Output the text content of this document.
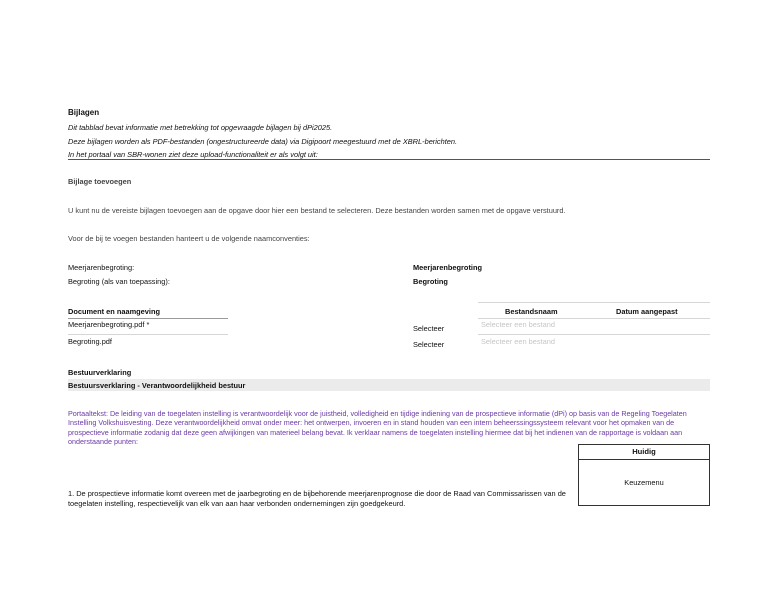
Bijlagen
Dit tabblad bevat informatie met betrekking tot opgevraagde bijlagen bij dPi2025.
Deze bijlagen worden als PDF-bestanden (ongestructureerde data) via Digipoort meegestuurd met de XBRL-berichten.
In het portaal van SBR-wonen ziet deze upload-functionaliteit er als volgt uit:
Bijlage toevoegen
U kunt nu de vereiste bijlagen toevoegen aan de opgave door hier een bestand te selecteren. Deze bestanden worden samen met de opgave verstuurd.
Voor de bij te voegen bestanden hanteert u de volgende naamconventies:
Meerjarenbegroting:	Meerjarenbegroting
Begroting (als van toepassing):	Begroting
Document en naamgeving	Bestandsnaam	Datum aangepast
Meerjarenbegroting.pdf *	Selecteer	Selecteer een bestand
Begroting.pdf	Selecteer	Selecteer een bestand
Bestuurverklaring
Bestuursverklaring - Verantwoordelijkheid bestuur
Portaaltekst: De leiding van de toegelaten instelling is verantwoordelijk voor de juistheid, volledigheid en tijdige indiening van de prospectieve informatie (dPi) op basis van de Regeling Toegelaten Instelling Volkshuisvesting. Deze verantwoordelijkheid omvat onder meer: het ontwerpen, invoeren en in stand houden van een intern beheerssingssysteem relevant voor het opmaken van de prospectieve informatie zodanig dat deze geen afwijkingen van materieel belang bevat. Ik verklaar namens de toegelaten instelling hiermee dat bij het indienen van de rapportage is voldaan aan onderstaande punten:
Huidig
Keuzemenu
1. De prospectieve informatie komt overeen met de jaarbegroting en de bijbehorende meerjarenprognose die door de Raad van Commissarissen van de toegelaten instelling, respectievelijk van elk van aan haar verbonden ondernemingen zijn goedgekeurd.
